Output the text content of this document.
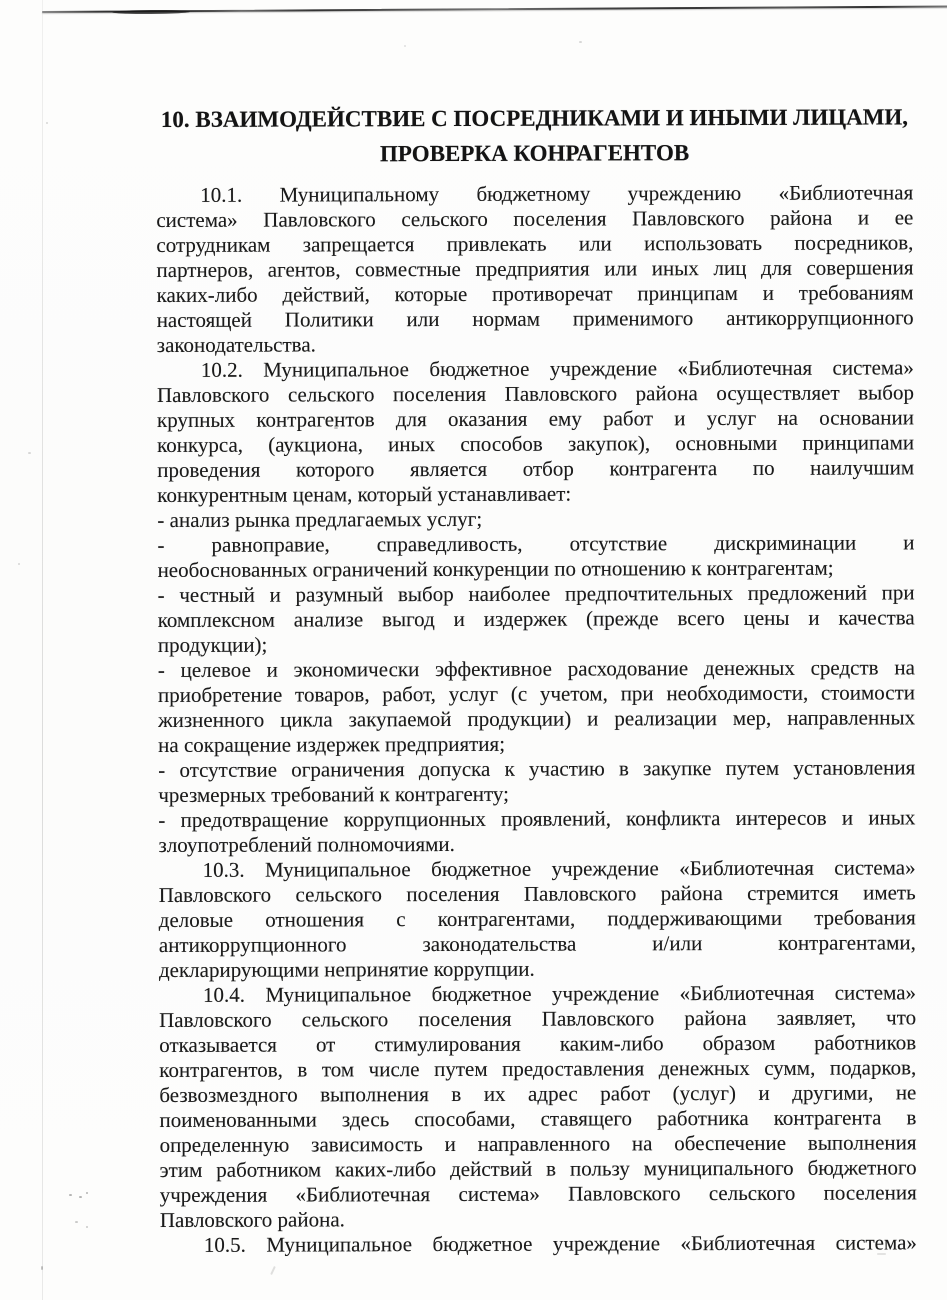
10. ВЗАИМОДЕЙСТВИЕ С ПОСРЕДНИКАМИ И ИНЫМИ ЛИЦАМИ,
ПРОВЕРКА КОНРАГЕНТОВ
10.1. Муниципальному бюджетному учреждению «Библиотечная
система» Павловского сельского поселения Павловского района и ее
сотрудникам запрещается привлекать или использовать посредников,
партнеров, агентов, совместные предприятия или иных лиц для совершения
каких-либо действий, которые противоречат принципам и требованиям
настоящей Политики или нормам применимого антикоррупционного
законодательства.
10.2. Муниципальное бюджетное учреждение «Библиотечная система»
Павловского сельского поселения Павловского района осуществляет выбор
крупных контрагентов для оказания ему работ и услуг на основании
конкурса, (аукциона, иных способов закупок), основными принципами
проведения которого является отбор контрагента по наилучшим
конкурентным ценам, который устанавливает:
- анализ рынка предлагаемых услуг;
- равноправие, справедливость, отсутствие дискриминации и
необоснованных ограничений конкуренции по отношению к контрагентам;
- честный и разумный выбор наиболее предпочтительных предложений при
комплексном анализе выгод и издержек (прежде всего цены и качества
продукции);
- целевое и экономически эффективное расходование денежных средств на
приобретение товаров, работ, услуг (с учетом, при необходимости, стоимости
жизненного цикла закупаемой продукции) и реализации мер, направленных
на сокращение издержек предприятия;
- отсутствие ограничения допуска к участию в закупке путем установления
чрезмерных требований к контрагенту;
- предотвращение коррупционных проявлений, конфликта интересов и иных
злоупотреблений полномочиями.
10.3. Муниципальное бюджетное учреждение «Библиотечная система»
Павловского сельского поселения Павловского района стремится иметь
деловые отношения с контрагентами, поддерживающими требования
антикоррупционного законодательства и/или контрагентами,
декларирующими непринятие коррупции.
10.4. Муниципальное бюджетное учреждение «Библиотечная система»
Павловского сельского поселения Павловского района заявляет, что
отказывается от стимулирования каким-либо образом работников
контрагентов, в том числе путем предоставления денежных сумм, подарков,
безвозмездного выполнения в их адрес работ (услуг) и другими, не
поименованными здесь способами, ставящего работника контрагента в
определенную зависимость и направленного на обеспечение выполнения
этим работником каких-либо действий в пользу муниципального бюджетного
учреждения «Библиотечная система» Павловского сельского поселения
Павловского района.
10.5. Муниципальное бюджетное учреждение «Библиотечная система»
